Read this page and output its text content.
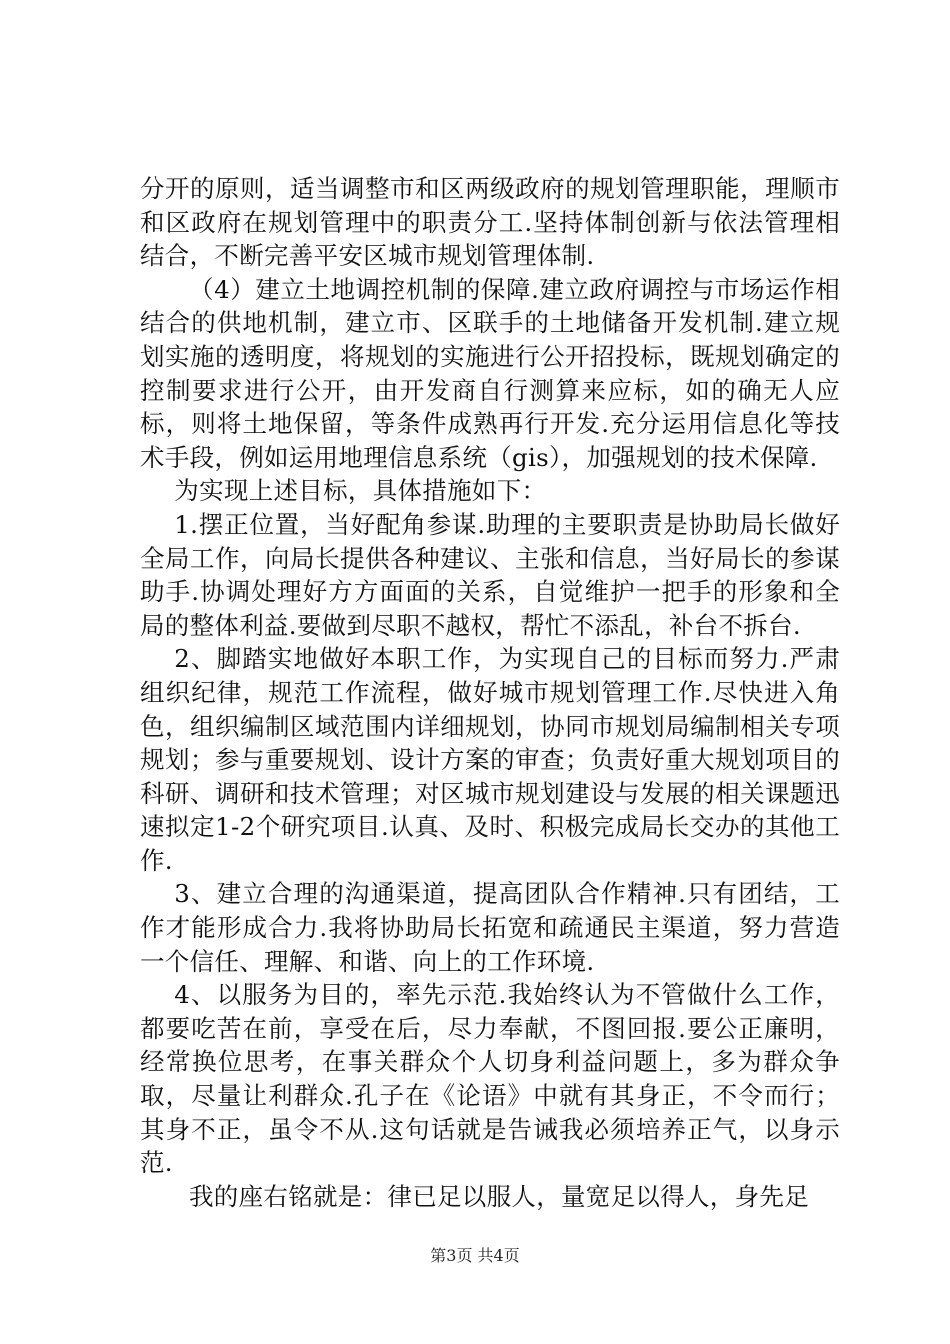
分开的原则，适当调整市和区两级政府的规划管理职能，理顺市和区政府在规划管理中的职责分工.坚持体制创新与依法管理相结合，不断完善平安区城市规划管理体制.

（4）建立土地调控机制的保障.建立政府调控与市场运作相结合的供地机制，建立市、区联手的土地储备开发机制.建立规划实施的透明度，将规划的实施进行公开招投标，既规划确定的控制要求进行公开，由开发商自行测算来应标，如的确无人应标，则将土地保留，等条件成熟再行开发.充分运用信息化等技术手段，例如运用地理信息系统（gis），加强规划的技术保障.

为实现上述目标，具体措施如下：

1.摆正位置，当好配角参谋.助理的主要职责是协助局长做好全局工作，向局长提供各种建议、主张和信息，当好局长的参谋助手.协调处理好方方面面的关系，自觉维护一把手的形象和全局的整体利益.要做到尽职不越权，帮忙不添乱，补台不拆台.

2、脚踏实地做好本职工作，为实现自己的目标而努力.严肃组织纪律，规范工作流程，做好城市规划管理工作.尽快进入角色，组织编制区域范围内详细规划，协同市规划局编制相关专项规划；参与重要规划、设计方案的审查；负责好重大规划项目的科研、调研和技术管理；对区城市规划建设与发展的相关课题迅速拟定1-2个研究项目.认真、及时、积极完成局长交办的其他工作.

3、建立合理的沟通渠道，提高团队合作精神.只有团结，工作才能形成合力.我将协助局长拓宽和疏通民主渠道，努力营造一个信任、理解、和谐、向上的工作环境.

4、以服务为目的，率先示范.我始终认为不管做什么工作，都要吃苦在前，享受在后，尽力奉献，不图回报.要公正廉明，经常换位思考，在事关群众个人切身利益问题上，多为群众争取，尽量让利群众.孔子在《论语》中就有其身正，不令而行；其身不正，虽令不从.这句话就是告诫我必须培养正气，以身示范.

我的座右铭就是：律已足以服人，量宽足以得人，身先足

第3页 共4页
